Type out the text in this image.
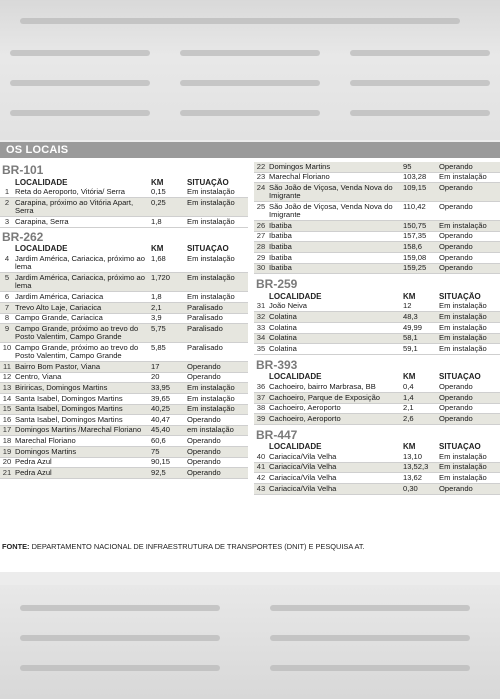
OS LOCAIS
BR-101
	LOCALIDADE	KM	SITUAÇÃO
1	Reta do Aeroporto, Vitória/ Serra	0,15	Em instalação
2	Carapina, próximo ao Vitória Apart, Serra	0,25	Em instalação
3	Carapina, Serra	1,8	Em instalação
BR-262
	LOCALIDADE	KM	SITUAÇÃO
4	Jardim América, Cariacica, próximo ao lema	1,68	Em instalação
5	Jardim América, Cariacica, próximo ao lema	1,720	Em instalação
6	Jardim América, Cariacica	1,8	Em instalação
7	Trevo Alto Laje, Cariacica	2,1	Paralisado
8	Campo Grande, Cariacica	3,9	Paralisado
9	Campo Grande, próximo ao trevo do Posto Valentim, Campo Grande	5,75	Paralisado
10	Campo Grande, próximo ao trevo do Posto Valentim, Campo Grande	5,85	Paralisado
11	Bairro Bom Pastor, Viana	17	Operando
12	Centro, Viana	20	Operando
13	Biriricas, Domingos Martins	33,95	Em instalação
14	Santa Isabel, Domingos Martins	39,65	Em instalação
15	Santa Isabel, Domingos Martins	40,25	Em instalação
16	Santa Isabel, Domingos Martins	40,47	Operando
17	Domingos Martins /Marechal Floriano	45,40	em instalação
18	Marechal Floriano	60,6	Operando
19	Domingos Martins	75	Operando
20	Pedra Azul	90,15	Operando
21	Pedra Azul	92,5	Operando
22	Domingos Martins	95	Operando
23	Marechal Floriano	103,28	Em instalação
24	São João de Viçosa, Venda Nova do Imigrante	109,15	Operando
25	São João de Viçosa, Venda Nova do Imigrante	110,42	Operando
26	Ibatiba	150,75	Em instalação
27	Ibatiba	157,35	Operando
28	Ibatiba	158,6	Operando
29	Ibatiba	159,08	Operando
30	Ibatiba	159,25	Operando
BR-259
	LOCALIDADE	KM	SITUAÇÃO
31	João Neiva	12	Em instalação
32	Colatina	48,3	Em instalação
33	Colatina	49,99	Em instalação
34	Colatina	58,1	Em instalação
35	Colatina	59,1	Em instalação
BR-393
	LOCALIDADE	KM	SITUAÇÃO
36	Cachoeiro, bairro Marbrasa, BB	0,4	Operando
37	Cachoeiro, Parque de Exposição	1,4	Operando
38	Cachoeiro, Aeroporto	2,1	Operando
39	Cachoeiro, Aeroporto	2,6	Operando
BR-447
	LOCALIDADE	KM	SITUAÇÃO
40	Cariacica/Vila Velha	13,10	Em instalação
41	Cariacica/Vila Velha	13,52,3	Em instalação
42	Cariacica/Vila Velha	13,62	Em instalação
43	Cariacica/Vila Velha	0,30	Operando
FONTE: DEPARTAMENTO NACIONAL DE INFRAESTRUTURA DE TRANSPORTES (DNIT) E PESQUISA AT.
